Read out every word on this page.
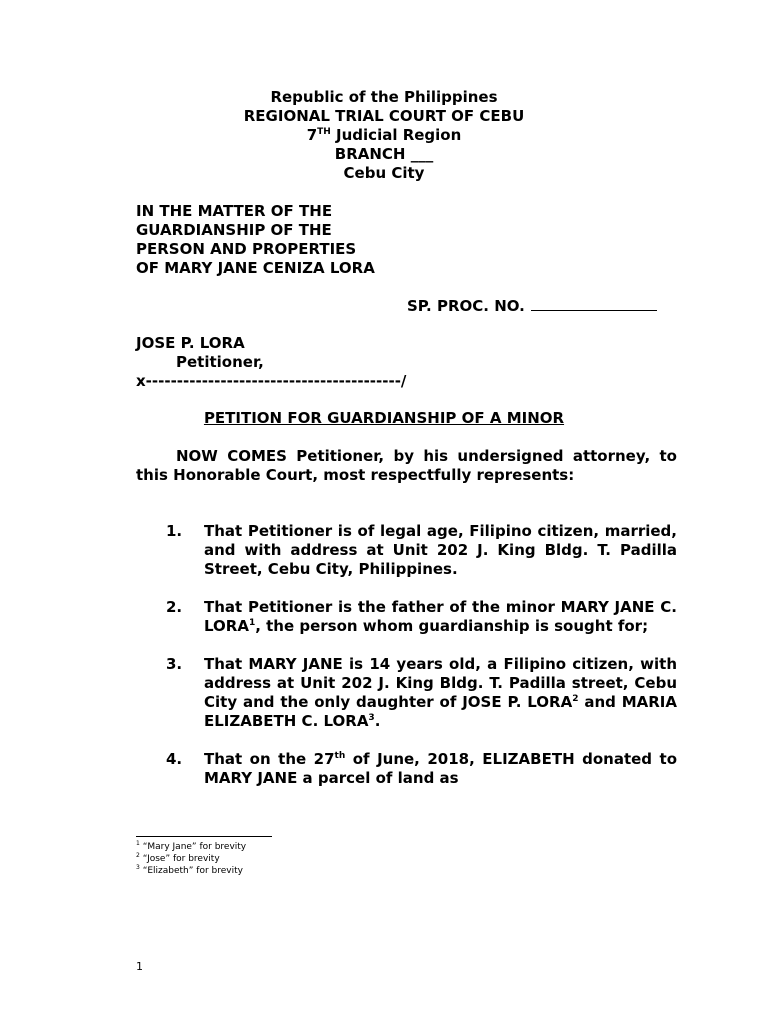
Republic of the Philippines
REGIONAL TRIAL COURT OF CEBU
7TH Judicial Region
BRANCH ___
Cebu City
IN THE MATTER OF THE
GUARDIANSHIP OF THE
PERSON AND PROPERTIES
OF MARY JANE CENIZA LORA
SP. PROC. NO.
JOSE P. LORA
Petitioner,
x-----------------------------------------/
PETITION FOR GUARDIANSHIP OF A MINOR
NOW COMES Petitioner, by his undersigned attorney, to this Honorable Court, most respectfully represents:
1. That Petitioner is of legal age, Filipino citizen, married, and with address at Unit 202 J. King Bldg. T. Padilla Street, Cebu City, Philippines.
2. That Petitioner is the father of the minor MARY JANE C. LORA$^1$, the person whom guardianship is sought for;
3. That MARY JANE is 14 years old, a Filipino citizen, with address at Unit 202 J. King Bldg. T. Padilla street, Cebu City and the only daughter of JOSE P. LORA$^2$ and MARIA ELIZABETH C. LORA$^3$.
4. That on the 27th of June, 2018, ELIZABETH donated to MARY JANE a parcel of land as
$^1$ “Mary Jane” for brevity
$^2$ “Jose” for brevity
$^3$ “Elizabeth” for brevity
1
